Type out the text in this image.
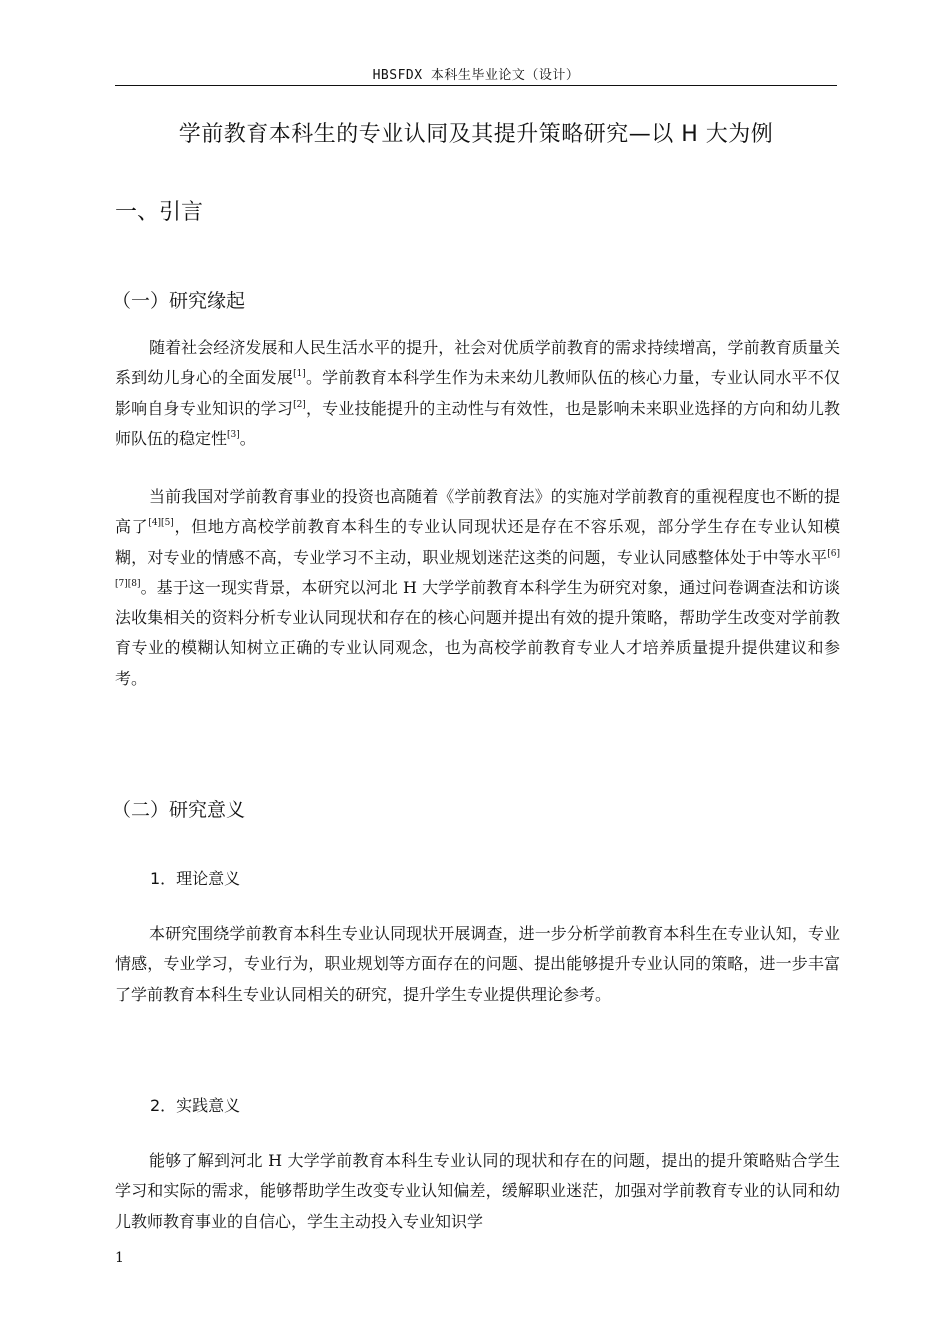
HBSFDX 本科生毕业论文（设计）
学前教育本科生的专业认同及其提升策略研究—以 H 大为例
一、引言
（一）研究缘起

随着社会经济发展和人民生活水平的提升，社会对优质学前教育的需求持续增高，学前教育质量关系到幼儿身心的全面发展[1]。学前教育本科学生作为未来幼儿教师队伍的核心力量，专业认同水平不仅影响自身专业知识的学习[2]，专业技能提升的主动性与有效性，也是影响未来职业选择的方向和幼儿教师队伍的稳定性[3]。

当前我国对学前教育事业的投资也高随着《学前教育法》的实施对学前教育的重视程度也不断的提高了[4][5]，但地方高校学前教育本科生的专业认同现状还是存在不容乐观，部分学生存在专业认知模糊，对专业的情感不高，专业学习不主动，职业规划迷茫这类的问题，专业认同感整体处于中等水平[6][7][8]。基于这一现实背景，本研究以河北 H 大学学前教育本科学生为研究对象，通过问卷调查法和访谈法收集相关的资料分析专业认同现状和存在的核心问题并提出有效的提升策略，帮助学生改变对学前教育专业的模糊认知树立正确的专业认同观念，也为高校学前教育专业人才培养质量提升提供建议和参考。

（二）研究意义
1．理论意义

本研究围绕学前教育本科生专业认同现状开展调查，进一步分析学前教育本科生在专业认知，专业情感，专业学习，专业行为，职业规划等方面存在的问题、提出能够提升专业认同的策略，进一步丰富了学前教育本科生专业认同相关的研究，提升学生专业提供理论参考。

2．实践意义

能够了解到河北 H 大学学前教育本科生专业认同的现状和存在的问题，提出的提升策略贴合学生学习和实际的需求，能够帮助学生改变专业认知偏差，缓解职业迷茫，加强对学前教育专业的认同和幼儿教师教育事业的自信心，学生主动投入专业知识学

1
